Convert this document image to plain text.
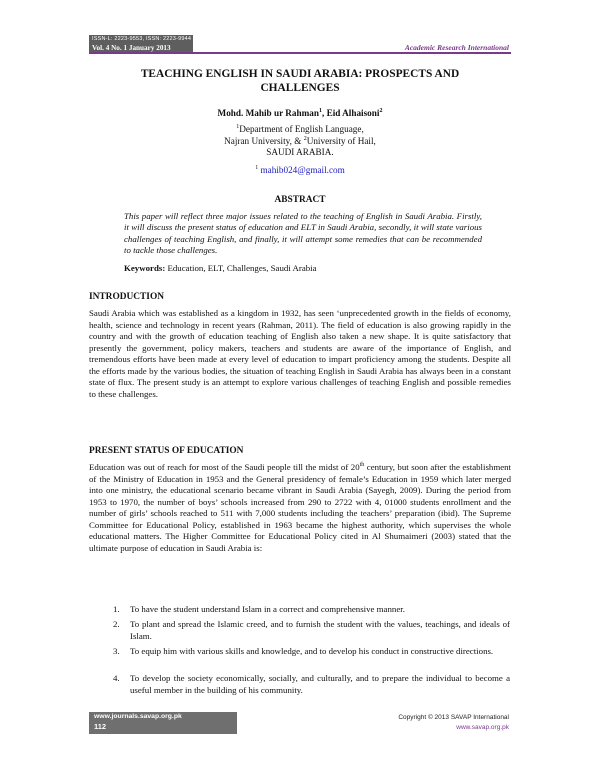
ISSN-L: 2223-9553, ISSN: 2223-9944
Vol. 4 No. 1 January 2013	Academic Research International
TEACHING ENGLISH IN SAUDI ARABIA: PROSPECTS AND
CHALLENGES
Mohd. Mahib ur Rahman$^1$, Eid Alhaisoni$^2$
$^1$Department of English Language,
Najran University, & $^2$University of Hail,
SAUDI ARABIA.
$^1$ mahib024@gmail.com
ABSTRACT
This paper will reflect three major issues related to the teaching of English in Saudi Arabia. Firstly, it will discuss the present status of education and ELT in Saudi Arabia, secondly, it will state various challenges of teaching English, and finally, it will attempt some remedies that can be recommended to tackle those challenges.
Keywords: Education, ELT, Challenges, Saudi Arabia
INTRODUCTION
Saudi Arabia which was established as a kingdom in 1932, has seen ‘unprecedented growth in the fields of economy, health, science and technology in recent years (Rahman, 2011). The field of education is also growing rapidly in the country and with the growth of education teaching of English also taken a new shape. It is quite satisfactory that presently the government, policy makers, teachers and students are aware of the importance of English, and tremendous efforts have been made at every level of education to impart proficiency among the students. Despite all the efforts made by the various bodies, the situation of teaching English in Saudi Arabia has always been in a constant state of flux. The present study is an attempt to explore various challenges of teaching English and possible remedies to these challenges.
PRESENT STATUS OF EDUCATION
Education was out of reach for most of the Saudi people till the midst of 20th century, but soon after the establishment of the Ministry of Education in 1953 and the General presidency of female’s Education in 1959 which later merged into one ministry, the educational scenario became vibrant in Saudi Arabia (Sayegh, 2009). During the period from 1953 to 1970, the number of boys’ schools increased from 290 to 2722 with 4, 01000 students enrollment and the number of girls’ schools reached to 511 with 7,000 students including the teachers’ preparation (ibid). The Supreme Committee for Educational Policy, established in 1963 became the highest authority, which supervises the whole educational matters. The Higher Committee for Educational Policy cited in Al Shumaimeri (2003) stated that the ultimate purpose of education in Saudi Arabia is:
1. To have the student understand Islam in a correct and comprehensive manner.
2. To plant and spread the Islamic creed, and to furnish the student with the values, teachings, and ideals of Islam.
3. To equip him with various skills and knowledge, and to develop his conduct in constructive directions.
4. To develop the society economically, socially, and culturally, and to prepare the individual to become a useful member in the building of his community.
www.journals.savap.org.pk
112
Copyright © 2013 SAVAP International
www.savap.org.pk
